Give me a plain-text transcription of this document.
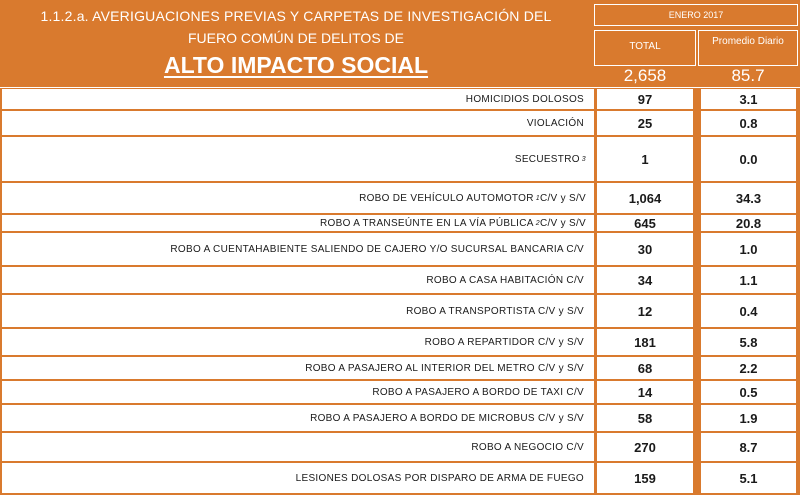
1.1.2.a. AVERIGUACIONES PREVIAS Y CARPETAS DE INVESTIGACIÓN DEL
FUERO COMÚN DE DELITOS DE
ALTO IMPACTO SOCIAL
ENERO 2017
TOTAL	Promedio Diario
2,658	85.7
HOMICIDIOS DOLOSOS	97	3.1
VIOLACIÓN	25	0.8
SECUESTRO 3	1	0.0
ROBO DE VEHÍCULO AUTOMOTOR 1 C/V y S/V	1,064	34.3
ROBO A TRANSEÚNTE EN LA VÍA PÚBLICA 2 C/V y S/V	645	20.8
ROBO A CUENTAHABIENTE SALIENDO DE CAJERO Y/O SUCURSAL BANCARIA C/V	30	1.0
ROBO A CASA HABITACIÓN C/V	34	1.1
ROBO A TRANSPORTISTA C/V y S/V	12	0.4
ROBO A REPARTIDOR C/V y S/V	181	5.8
ROBO A PASAJERO AL INTERIOR DEL METRO C/V y S/V	68	2.2
ROBO A PASAJERO A BORDO DE TAXI C/V	14	0.5
ROBO A PASAJERO A BORDO DE MICROBUS C/V y S/V	58	1.9
ROBO A NEGOCIO C/V	270	8.7
LESIONES DOLOSAS POR DISPARO DE ARMA DE FUEGO	159	5.1
